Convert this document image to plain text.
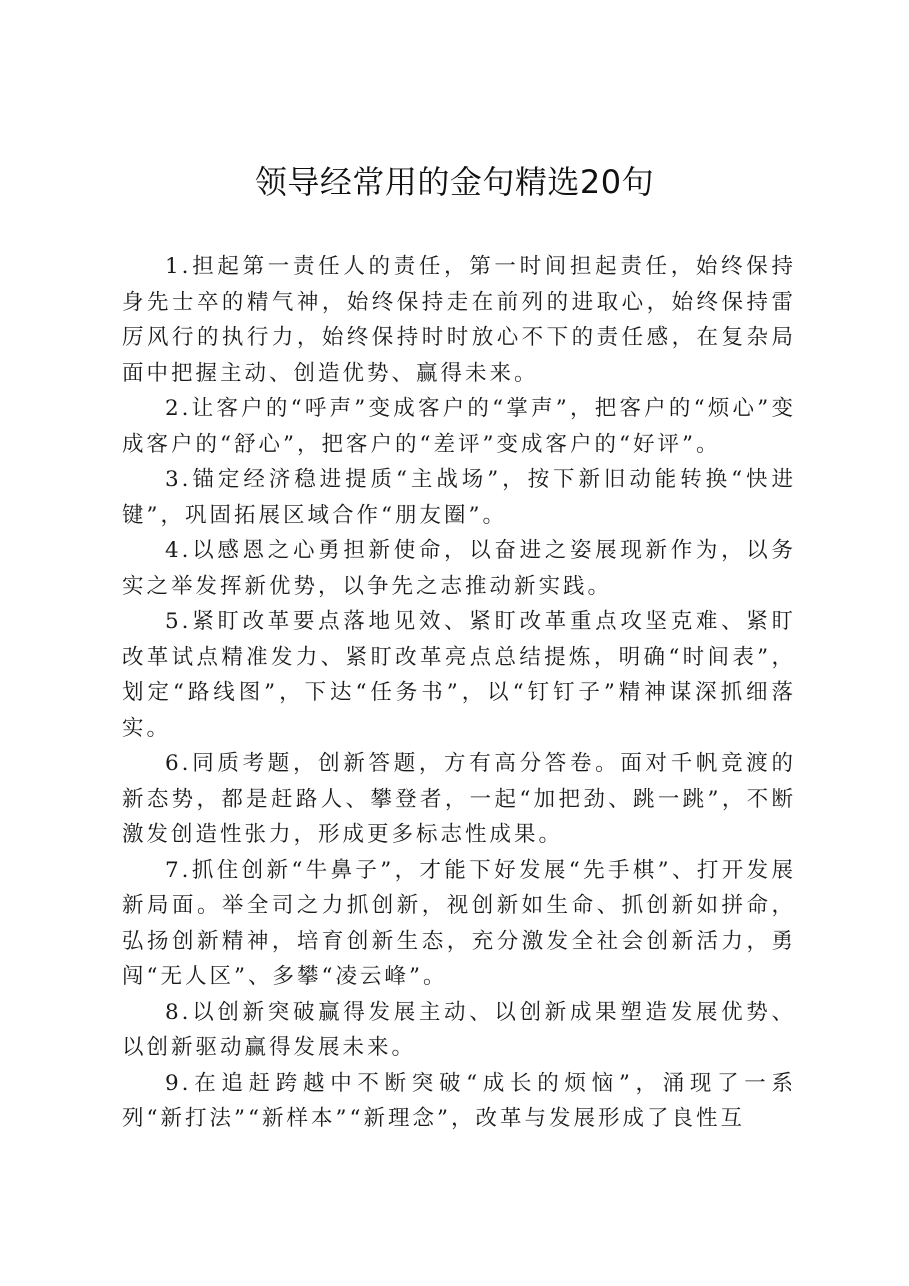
领导经常用的金句精选20句

1.担起第一责任人的责任，第一时间担起责任，始终保持身先士卒的精气神，始终保持走在前列的进取心，始终保持雷厉风行的执行力，始终保持时时放心不下的责任感，在复杂局面中把握主动、创造优势、赢得未来。

2.让客户的“呼声”变成客户的“掌声”，把客户的“烦心”变成客户的“舒心”，把客户的“差评”变成客户的“好评”。

3.锚定经济稳进提质“主战场”，按下新旧动能转换“快进键”，巩固拓展区域合作“朋友圈”。

4.以感恩之心勇担新使命，以奋进之姿展现新作为，以务实之举发挥新优势，以争先之志推动新实践。

5.紧盯改革要点落地见效、紧盯改革重点攻坚克难、紧盯改革试点精准发力、紧盯改革亮点总结提炼，明确“时间表”，划定“路线图”，下达“任务书”，以“钉钉子”精神谋深抓细落实。

6.同质考题，创新答题，方有高分答卷。面对千帆竞渡的新态势，都是赶路人、攀登者，一起“加把劲、跳一跳”，不断激发创造性张力，形成更多标志性成果。

7.抓住创新“牛鼻子”，才能下好发展“先手棋”、打开发展新局面。举全司之力抓创新，视创新如生命、抓创新如拼命，弘扬创新精神，培育创新生态，充分激发全社会创新活力，勇闯“无人区”、多攀“凌云峰”。

8.以创新突破赢得发展主动、以创新成果塑造发展优势、以创新驱动赢得发展未来。

9.在追赶跨越中不断突破“成长的烦恼”，涌现了一系列“新打法”“新样本”“新理念”，改革与发展形成了良性互
